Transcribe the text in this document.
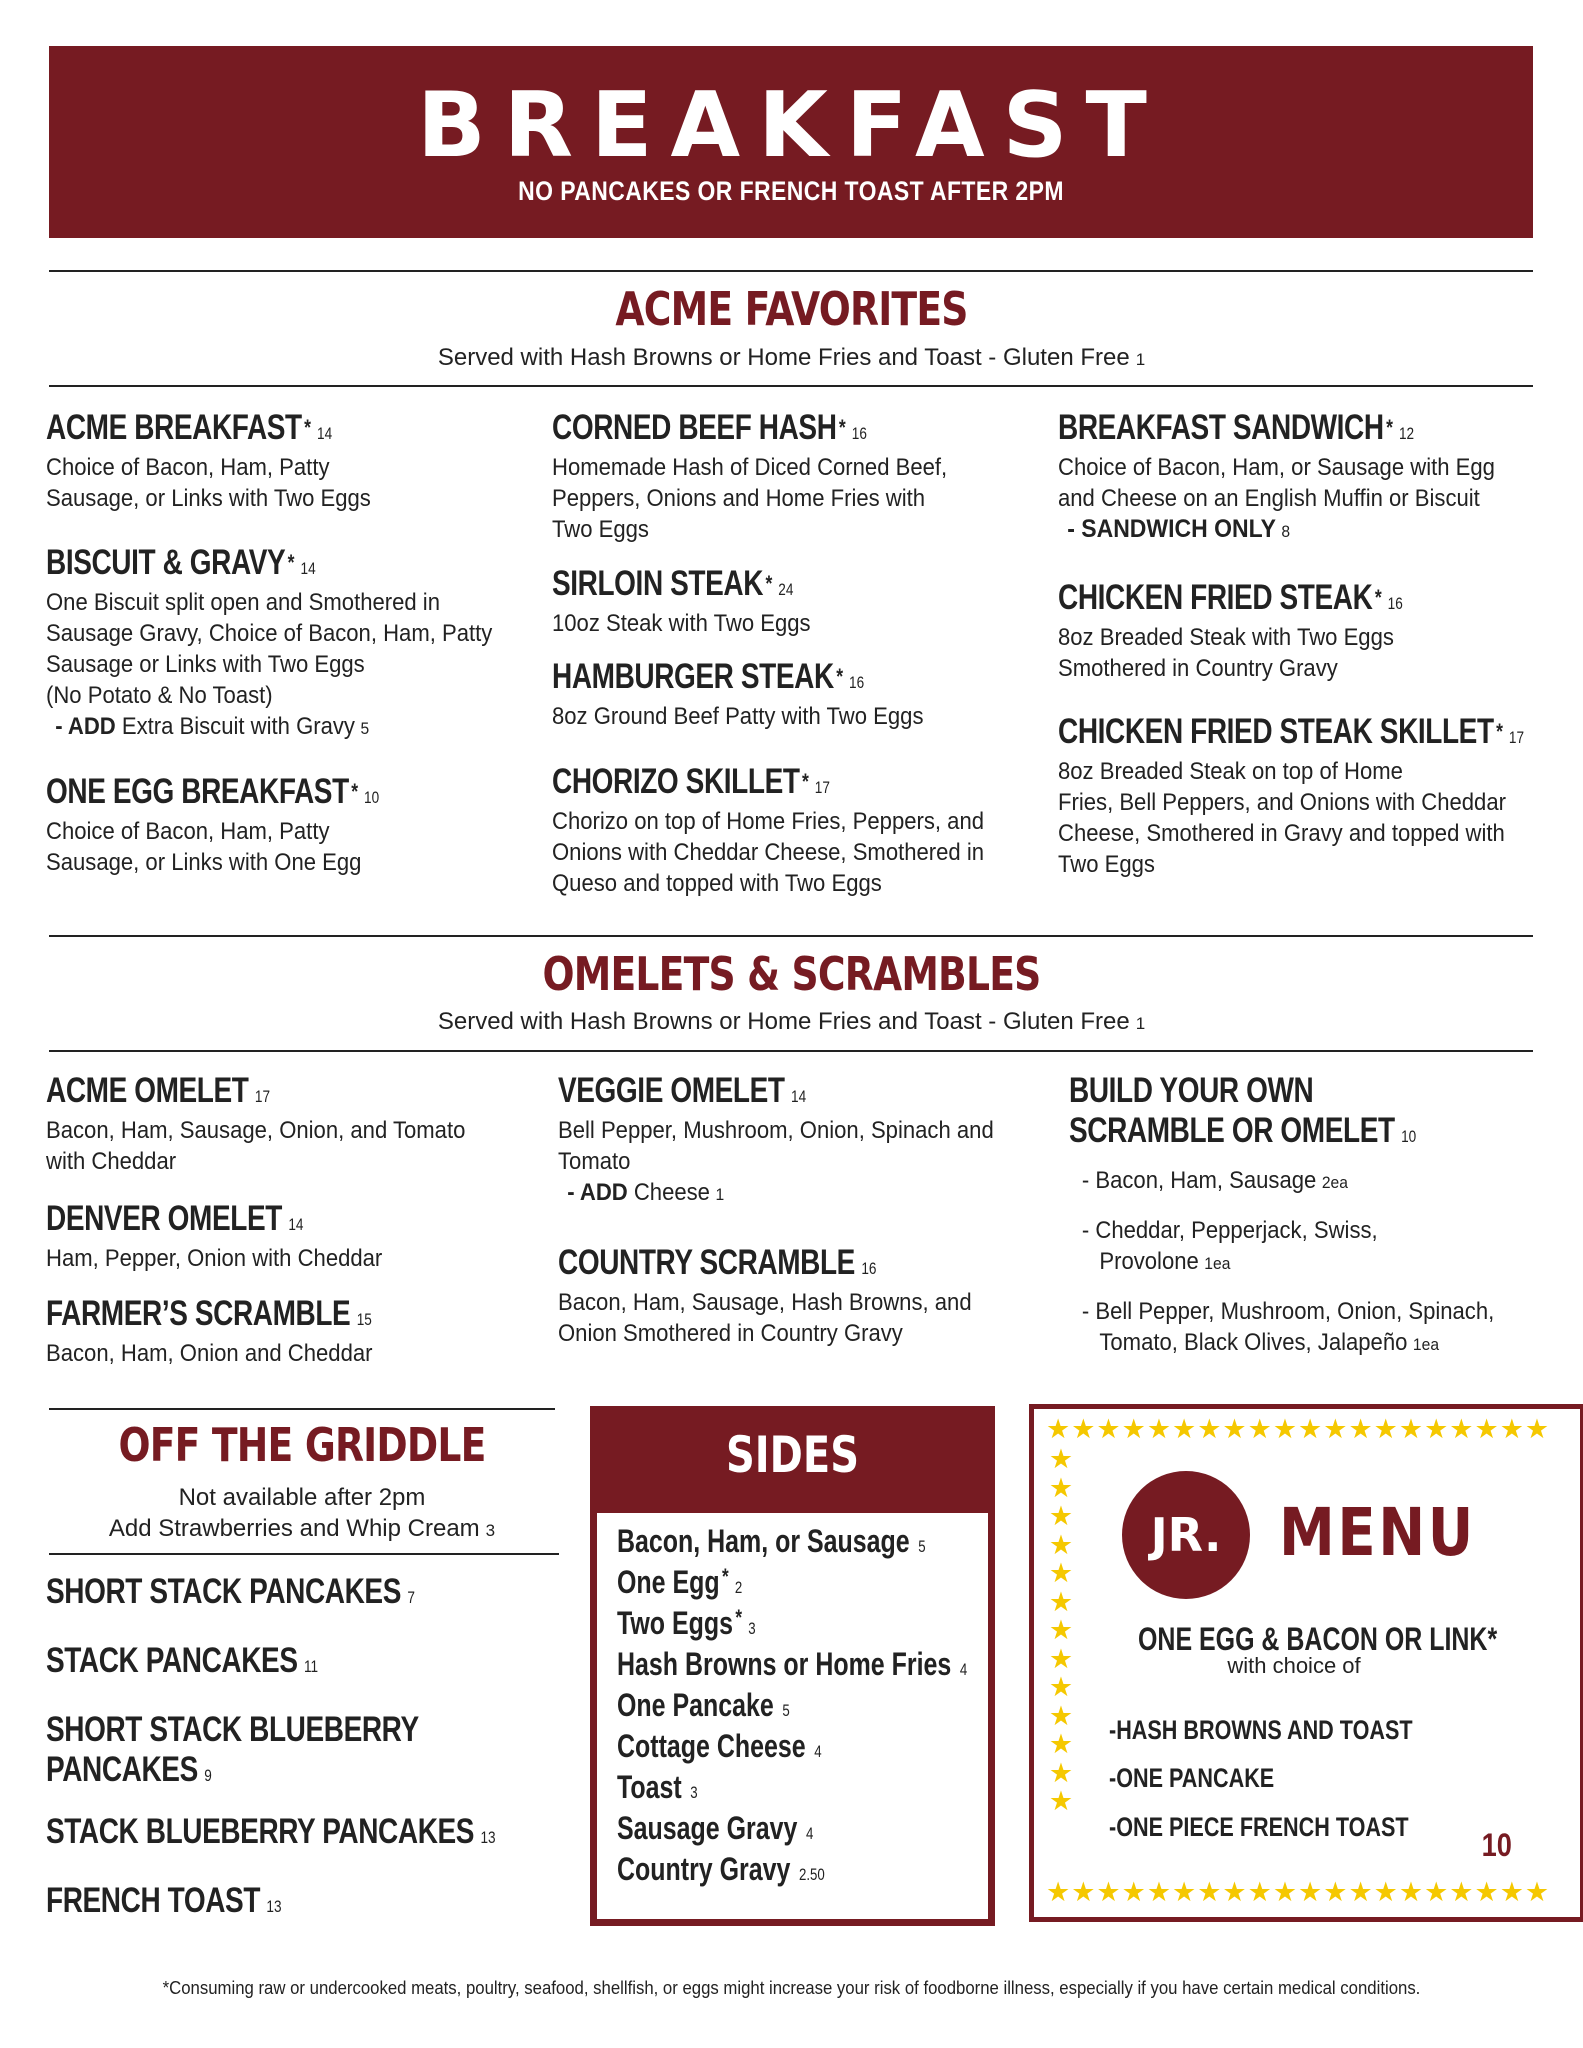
BREAKFAST
NO PANCAKES OR FRENCH TOAST AFTER 2PM
ACME FAVORITES
Served with Hash Browns or Home Fries and Toast - Gluten Free 1
ACME BREAKFAST * 14
Choice of Bacon, Ham, Patty
Sausage, or Links with Two Eggs
BISCUIT & GRAVY * 14
One Biscuit split open and Smothered in
Sausage Gravy, Choice of Bacon, Ham, Patty
Sausage or Links with Two Eggs
(No Potato & No Toast)
- ADD Extra Biscuit with Gravy 5
ONE EGG BREAKFAST * 10
Choice of Bacon, Ham, Patty
Sausage, or Links with One Egg
CORNED BEEF HASH * 16
Homemade Hash of Diced Corned Beef,
Peppers, Onions and Home Fries with
Two Eggs
SIRLOIN STEAK * 24
10oz Steak with Two Eggs
HAMBURGER STEAK * 16
8oz Ground Beef Patty with Two Eggs
CHORIZO SKILLET * 17
Chorizo on top of Home Fries, Peppers, and
Onions with Cheddar Cheese, Smothered in
Queso and topped with Two Eggs
BREAKFAST SANDWICH * 12
Choice of Bacon, Ham, or Sausage with Egg
and Cheese on an English Muffin or Biscuit
- SANDWICH ONLY 8
CHICKEN FRIED STEAK * 16
8oz Breaded Steak with Two Eggs
Smothered in Country Gravy
CHICKEN FRIED STEAK SKILLET * 17
8oz Breaded Steak on top of Home
Fries, Bell Peppers, and Onions with Cheddar
Cheese, Smothered in Gravy and topped with
Two Eggs
OMELETS & SCRAMBLES
Served with Hash Browns or Home Fries and Toast - Gluten Free 1
ACME OMELET 17
Bacon, Ham, Sausage, Onion, and Tomato
with Cheddar
DENVER OMELET 14
Ham, Pepper, Onion with Cheddar
FARMER’S SCRAMBLE 15
Bacon, Ham, Onion and Cheddar
VEGGIE OMELET 14
Bell Pepper, Mushroom, Onion, Spinach and
Tomato
- ADD Cheese 1
COUNTRY SCRAMBLE 16
Bacon, Ham, Sausage, Hash Browns, and
Onion Smothered in Country Gravy
BUILD YOUR OWN
SCRAMBLE OR OMELET 10
- Bacon, Ham, Sausage 2ea
- Cheddar, Pepperjack, Swiss,
Provolone 1ea
- Bell Pepper, Mushroom, Onion, Spinach,
Tomato, Black Olives, Jalapeño 1ea
OFF THE GRIDDLE
Not available after 2pm
Add Strawberries and Whip Cream 3
SHORT STACK PANCAKES 7
STACK PANCAKES 11
SHORT STACK BLUEBERRY
PANCAKES 9
STACK BLUEBERRY PANCAKES 13
FRENCH TOAST 13
SIDES
Bacon, Ham, or Sausage 5
One Egg * 2
Two Eggs * 3
Hash Browns or Home Fries 4
One Pancake 5
Cottage Cheese 4
Toast 3
Sausage Gravy 4
Country Gravy 2.50
★★★★★★★★★★★★★★★★★★★★
★
★
★
★
★
★
★
★
★
★
★
★
★
★★★★★★★★★★★★★★★★★★★★
JR. MENU
ONE EGG & BACON OR LINK*
with choice of
-HASH BROWNS AND TOAST
-ONE PANCAKE
-ONE PIECE FRENCH TOAST 10
*Consuming raw or undercooked meats, poultry, seafood, shellfish, or eggs might increase your risk of foodborne illness, especially if you have certain medical conditions.
